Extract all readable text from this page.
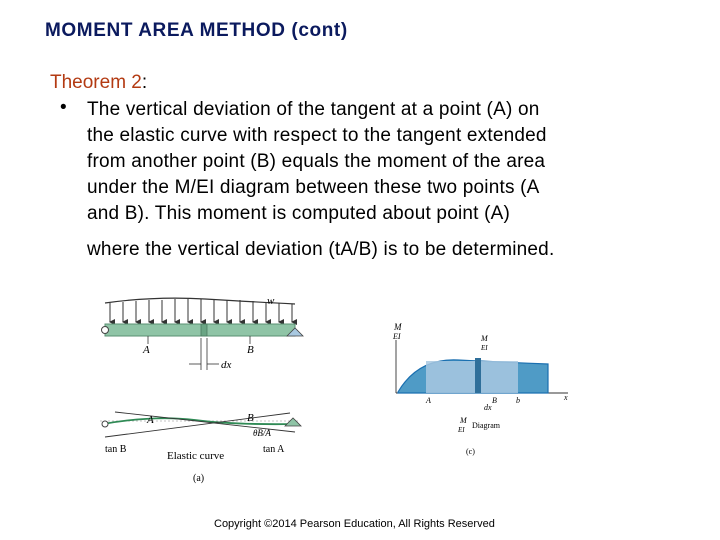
MOMENT AREA METHOD (cont)
Theorem 2:
• The vertical deviation of the tangent at a point (A) on
the elastic curve with respect to the tangent extended
from another point (B) equals the moment of the area
under the M/EI diagram between these two points (A
and B). This moment is computed about point (A)
where the vertical deviation (tA/B) is to be determined.
w
A	B
dx
A	B
θB/A
tan B	tan A
Elastic curve
(a)
M
EI	M
EI
A	B b
dx
x
M
EI Diagram
(c)
Copyright ©2014 Pearson Education, All Rights Reserved
